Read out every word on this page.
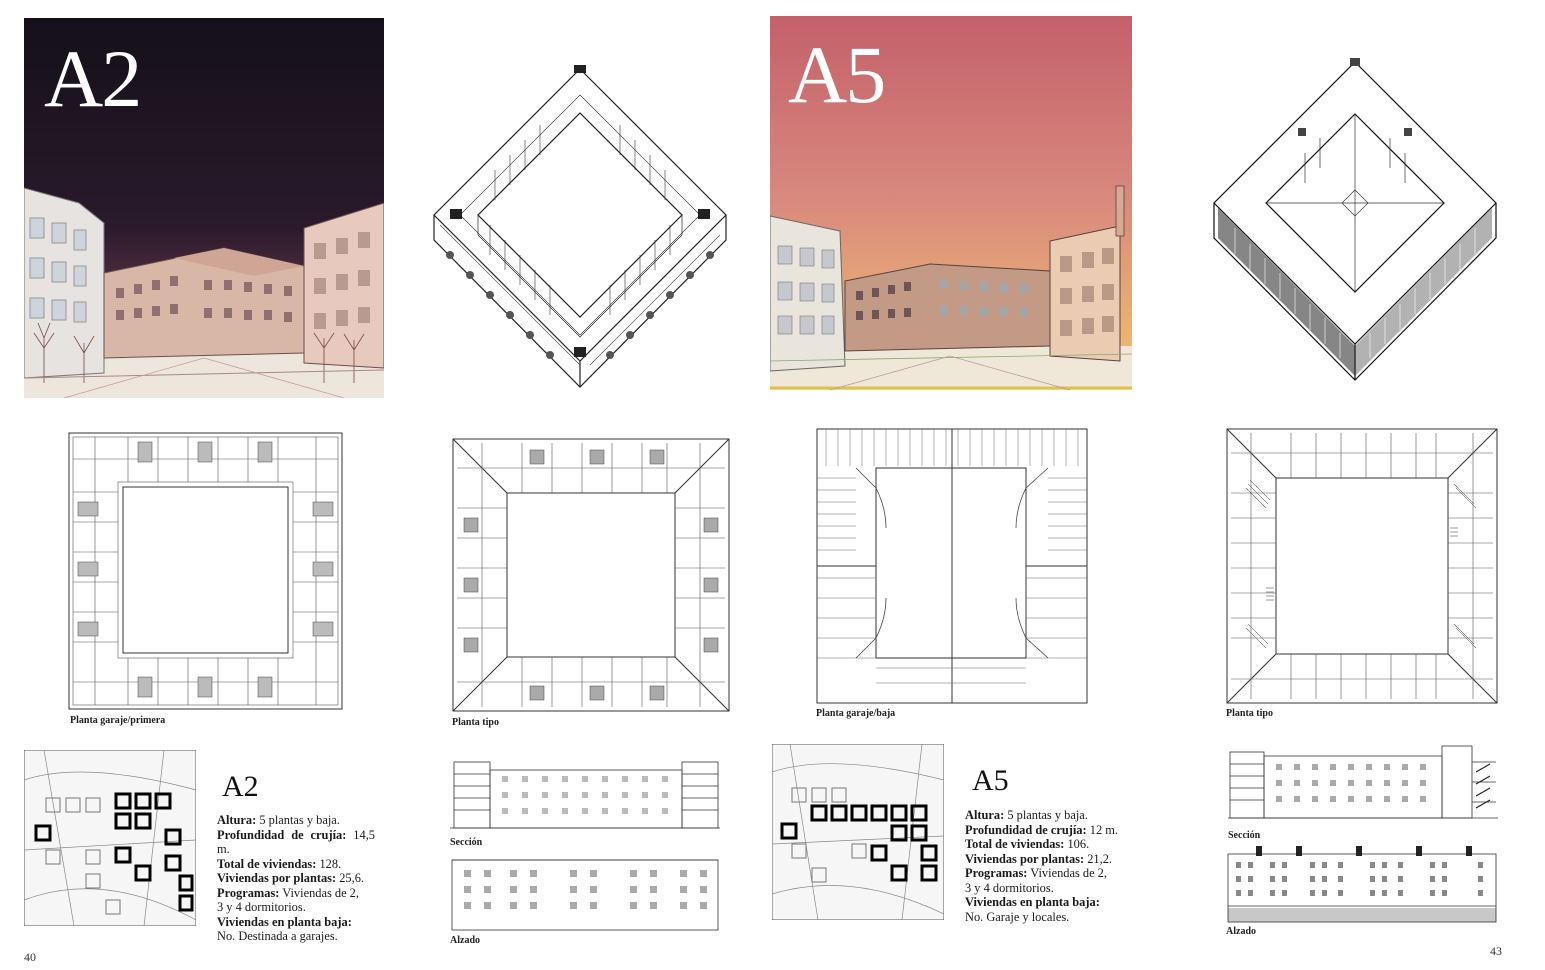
A2
Planta garaje/primera	Planta tipo
A2
Altura: 5 plantas y baja.
Profundidad de crujía: 14,5 m.
Total de viviendas: 128.
Viviendas por plantas: 25,6.
Programas: Viviendas de 2,
3 y 4 dormitorios.
Viviendas en planta baja:
No. Destinada a garajes.
Sección
Alzado
40
A5
Planta garaje/baja	Planta tipo
A5
Altura: 5 plantas y baja.
Profundidad de crujía: 12 m.
Total de viviendas: 106.
Viviendas por plantas: 21,2.
Programas: Viviendas de 2,
3 y 4 dormitorios.
Viviendas en planta baja:
No. Garaje y locales.
Sección
Alzado
43
